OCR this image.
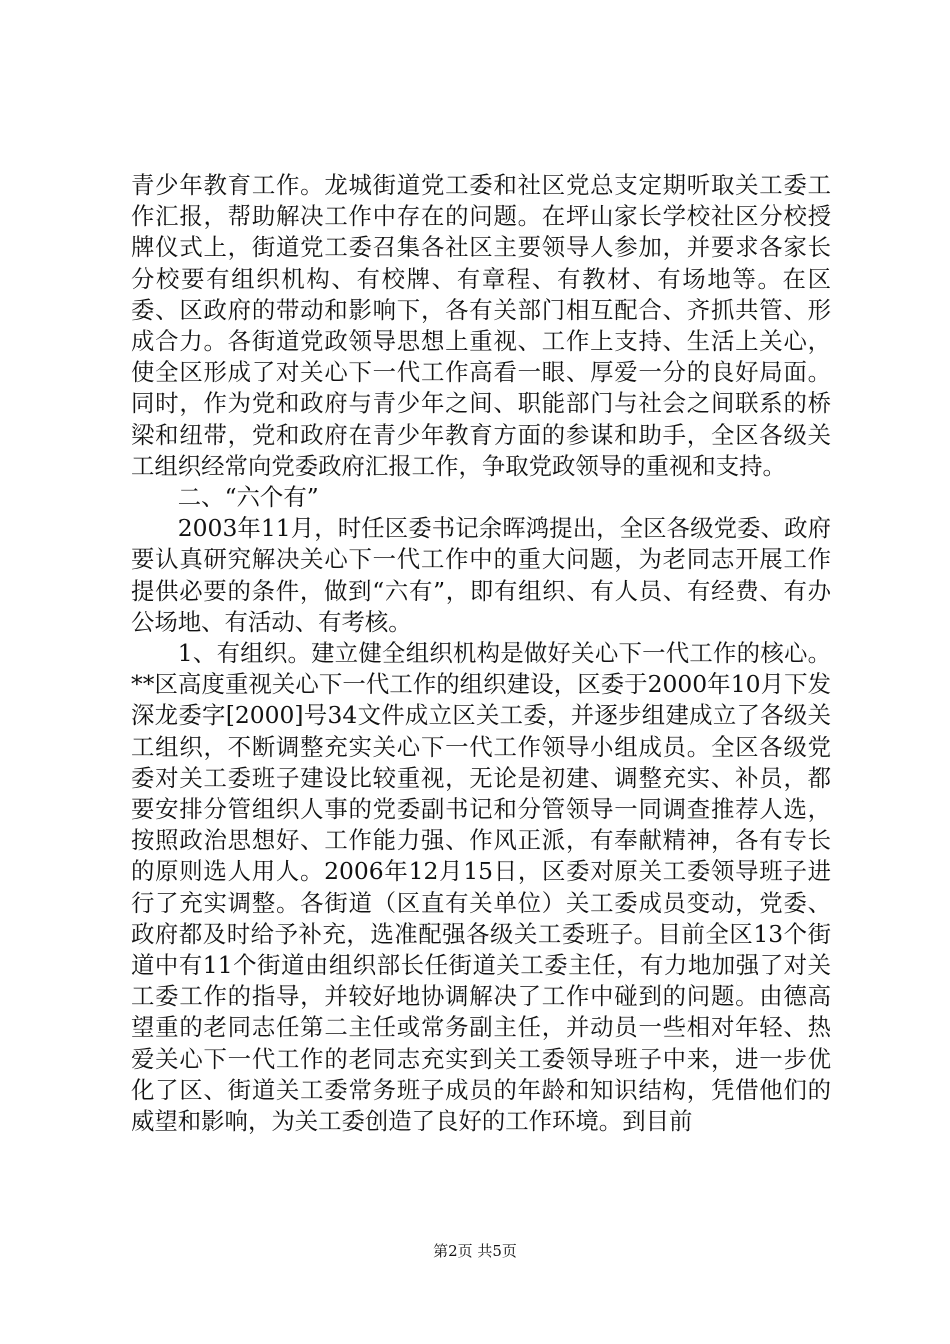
青少年教育工作。龙城街道党工委和社区党总支定期听取关工委工作汇报，帮助解决工作中存在的问题。在坪山家长学校社区分校授牌仪式上，街道党工委召集各社区主要领导人参加，并要求各家长分校要有组织机构、有校牌、有章程、有教材、有场地等。在区委、区政府的带动和影响下，各有关部门相互配合、齐抓共管、形成合力。各街道党政领导思想上重视、工作上支持、生活上关心，使全区形成了对关心下一代工作高看一眼、厚爱一分的良好局面。同时，作为党和政府与青少年之间、职能部门与社会之间联系的桥梁和纽带，党和政府在青少年教育方面的参谋和助手，全区各级关工组织经常向党委政府汇报工作，争取党政领导的重视和支持。

二、“六个有”

2003年11月，时任区委书记余晖鸿提出，全区各级党委、政府要认真研究解决关心下一代工作中的重大问题，为老同志开展工作提供必要的条件，做到“六有”，即有组织、有人员、有经费、有办公场地、有活动、有考核。

1、有组织。建立健全组织机构是做好关心下一代工作的核心。**区高度重视关心下一代工作的组织建设，区委于2000年10月下发深龙委字[2000]号34文件成立区关工委，并逐步组建成立了各级关工组织，不断调整充实关心下一代工作领导小组成员。全区各级党委对关工委班子建设比较重视，无论是初建、调整充实、补员，都要安排分管组织人事的党委副书记和分管领导一同调查推荐人选，按照政治思想好、工作能力强、作风正派，有奉献精神，各有专长的原则选人用人。2006年12月15日，区委对原关工委领导班子进行了充实调整。各街道（区直有关单位）关工委成员变动，党委、政府都及时给予补充，选准配强各级关工委班子。目前全区13个街道中有11个街道由组织部长任街道关工委主任，有力地加强了对关工委工作的指导，并较好地协调解决了工作中碰到的问题。由德高望重的老同志任第二主任或常务副主任，并动员一些相对年轻、热爱关心下一代工作的老同志充实到关工委领导班子中来，进一步优化了区、街道关工委常务班子成员的年龄和知识结构，凭借他们的威望和影响，为关工委创造了良好的工作环境。到目前

第2页 共5页
